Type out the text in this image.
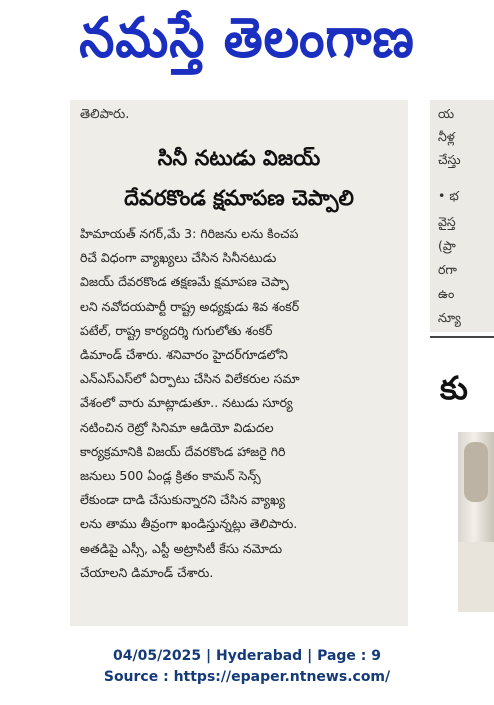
నమస్తే తెలంగాణ
తెలిపారు.
సినీ నటుడు విజయ్
దేవరకొండ క్షమాపణ చెప్పాలి
హిమాయత్ నగర్,మే 3: గిరిజను లను కించప
రిచే విధంగా వ్యాఖ్యలు చేసిన సినీనటుడు
విజయ్ దేవరకొండ తక్షణమే క్షమాపణ చెప్పా
లని నవోదయపార్టీ రాష్ట్ర అధ్యక్షుడు శివ శంకర్
పటేల్, రాష్ట్ర కార్యదర్శి గుగులోతు శంకర్
డిమాండ్ చేశారు. శనివారం హైదర్‌గూడలోని
ఎన్ఎస్ఎస్‌లో ఏర్పాటు చేసిన విలేకరుల సమా
వేశంలో వారు మాట్లాడుతూ.. నటుడు సూర్య
నటించిన రెట్రో సినిమా ఆడియో విడుదల
కార్యక్రమానికి విజయ్ దేవరకొండ హాజరై గిరి
జనులు 500 ఏండ్ల క్రితం కామన్ సెన్స్
లేకుండా దాడి చేసుకున్నారని చేసిన వ్యాఖ్య
లను తాము తీవ్రంగా ఖండిస్తున్నట్లు తెలిపారు.
అతడిపై ఎస్సీ, ఎస్టీ అట్రాసిటీ కేసు నమోదు
చేయాలని డిమాండ్ చేశారు.
య
నీళ్ల
చేస్తు
• భ
వైస్త
(ప్రా
రగా
ఉం
న్యూ
కు
04/05/2025 | Hyderabad | Page : 9
Source : https://epaper.ntnews.com/
